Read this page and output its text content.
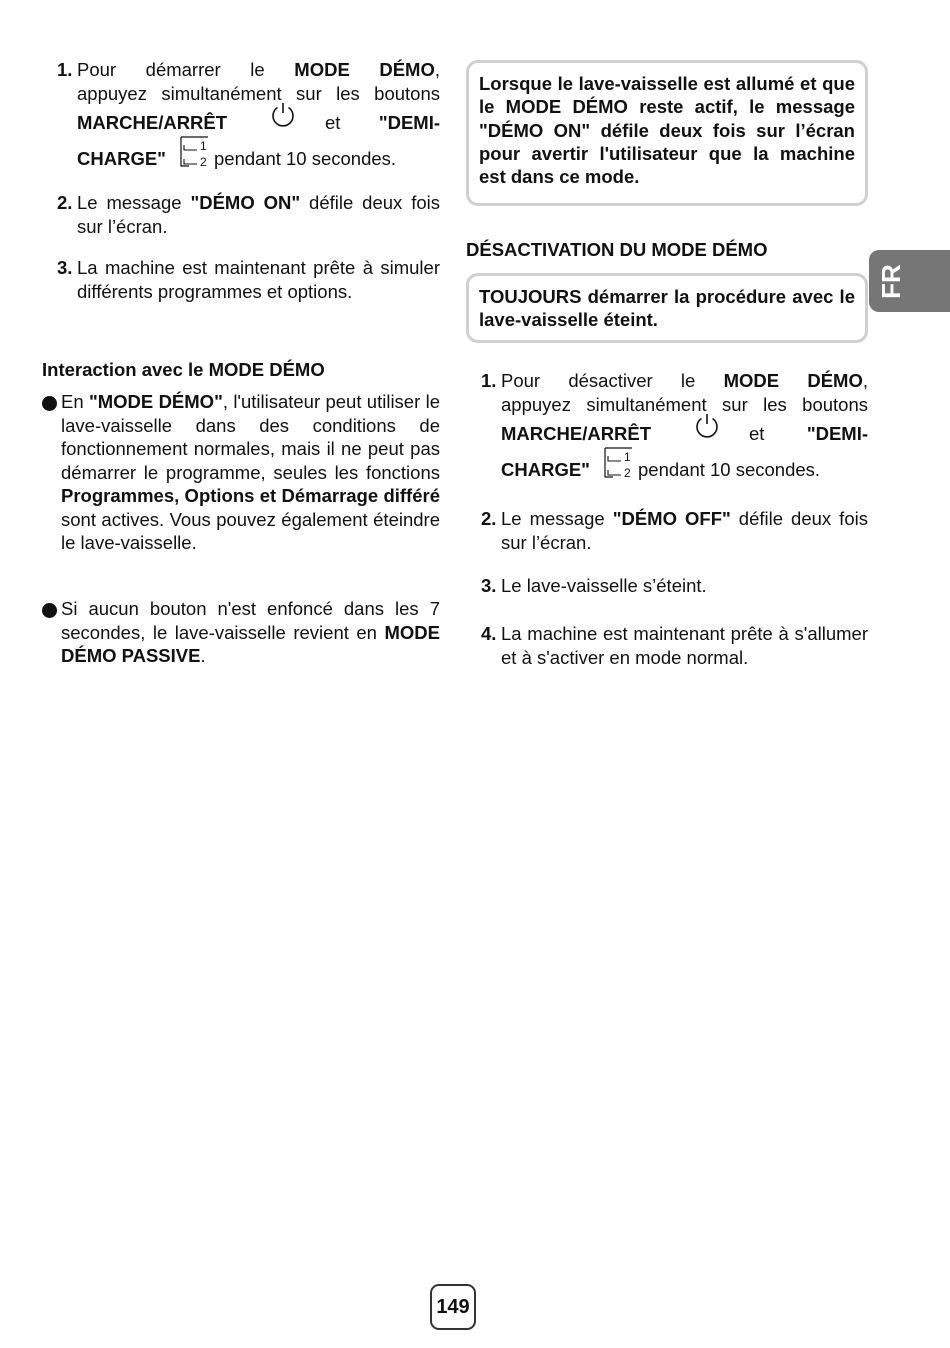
1. Pour démarrer le MODE DÉMO,
appuyez simultanément sur les boutons
MARCHE/ARRÊT	et "DEMI-
CHARGE"
1
2 pendant 10 secondes.
2. Le message "DÉMO ON" défile deux fois sur l’écran.
3. La machine est maintenant prête à simuler différents programmes et options.
Interaction avec le MODE DÉMO
En "MODE DÉMO", l'utilisateur peut utiliser le lave-vaisselle dans des conditions de fonctionnement normales, mais il ne peut pas démarrer le programme, seules les fonctions Programmes, Options et Démarrage différé sont actives. Vous pouvez également éteindre le lave-vaisselle.
Si aucun bouton n'est enfoncé dans les 7 secondes, le lave-vaisselle revient en MODE DÉMO PASSIVE.
Lorsque le lave-vaisselle est allumé et que le MODE DÉMO reste actif, le message "DÉMO ON" défile deux fois sur l’écran pour avertir l'utilisateur que la machine est dans ce mode.
DÉSACTIVATION DU MODE DÉMO
TOUJOURS démarrer la procédure avec le lave-vaisselle éteint.
1. Pour désactiver le MODE DÉMO,
appuyez simultanément sur les boutons
MARCHE/ARRÊT	et "DEMI-
CHARGE"
1
2 pendant 10 secondes.
2. Le message "DÉMO OFF" défile deux fois sur l’écran.
3. Le lave-vaisselle s’éteint.
4. La machine est maintenant prête à s'allumer et à s'activer en mode normal.
FR
149
